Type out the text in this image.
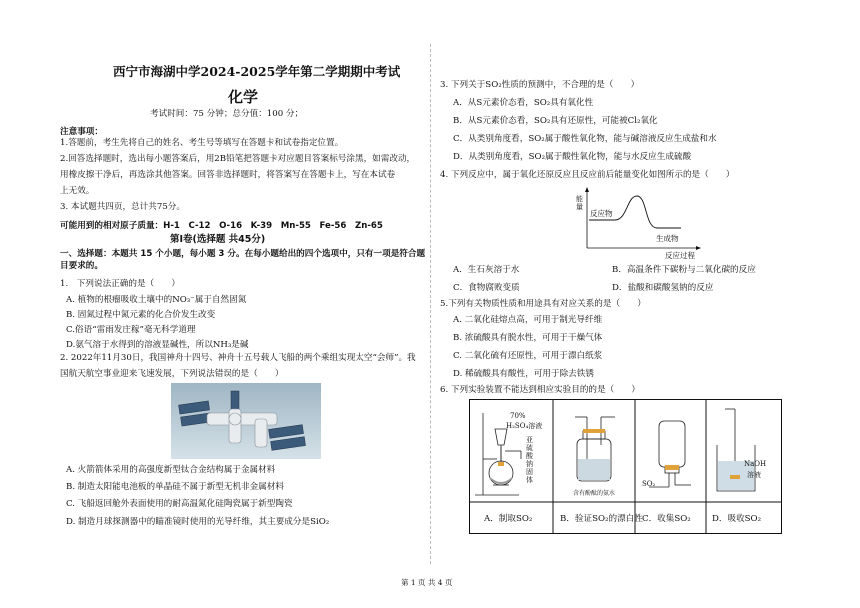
西宁市海湖中学2024-2025学年第二学期期中考试
化学
考试时间：75 分钟；总分值：100 分；
注意事项：
1.答题前，考生先将自己的姓名、考生号等填写在答题卡和试卷指定位置。
2.回答选择题时，选出每小题答案后，用2B铅笔把答题卡对应题目答案标号涂黑，如需改动，
用橡皮擦干净后，再选涂其他答案。回答非选择题时，将答案写在答题卡上，写在本试卷
上无效。
3. 本试题共四页，总计共75分。
可能用到的相对原子质量：H-1　C-12　O-16　K-39　Mn-55　Fe-56　Zn-65
第I卷(选择题 共45分)
一、选择题：本题共 15 个小题，每小题 3 分。在每小题给出的四个选项中，只有一项是符合题
目要求的。
1.　下列说法正确的是（　　）
A. 植物的根瘤吸收土壤中的NO₃⁻属于自然固氮
B. 固氮过程中氮元素的化合价发生改变
C.俗语“雷雨发庄稼”毫无科学道理
D.氨气溶于水得到的溶液显碱性，所以NH₃是碱
2. 2022年11月30日，我国神舟十四号、神舟十五号载人飞船的两个乘组实现太空“会师”。我
国航天航空事业迎来飞速发展，下列说法错误的是（　　）
A. 火箭箭体采用的高强度新型钛合金结构属于金属材料
B. 制造太阳能电池板的单晶硅不属于新型无机非金属材料
C. 飞船返回舱外表面使用的耐高温氮化硅陶瓷属于新型陶瓷
D. 制造月球探测器中的瞄准镜时使用的光导纤维，其主要成分是SiO₂
3. 下列关于SO₂性质的预测中，不合理的是（　　）
A．从S元素价态看，SO₂具有氧化性
B．从S元素价态看，SO₂具有还原性，可能被Cl₂氧化
C．从类别角度看，SO₂属于酸性氧化物，能与碱溶液反应生成盐和水
D．从类别角度看，SO₂属于酸性氧化物，能与水反应生成硫酸
4. 下列反应中，属于氧化还原反应且反应前后能量变化如图所示的是（　　）
能量
反应物
生成物
反应过程
A．生石灰溶于水	B．高温条件下碳粉与二氧化碳的反应
C．食物腐败变质	D．盐酸和碳酸氢钠的反应
5.下列有关物质性质和用途具有对应关系的是（　　）
A. 二氧化硅熔点高，可用于制光导纤维
B. 浓硫酸具有脱水性，可用于干燥气体
C. 二氧化硫有还原性，可用于漂白纸浆
D. 稀硫酸具有酸性，可用于除去铁锈
6. 下列实验装置不能达到相应实验目的的是（　　）
70%
H₂SO₄溶液
亚硫酸钠固体
含有酚酞的氨水
SO₂
NaOH
溶液
A．制取SO₂	B．验证SO₂的漂白性 C．收集SO₂ D．吸收SO₂
第 1 页 共 4 页
